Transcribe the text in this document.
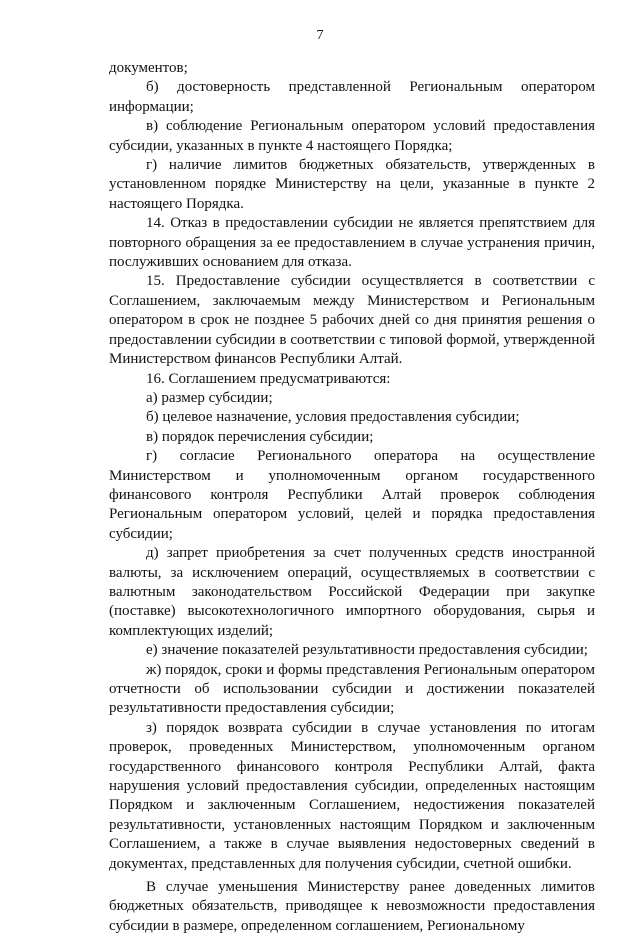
7

документов;

б) достоверность представленной Региональным оператором информации;

в) соблюдение Региональным оператором условий предоставления субсидии, указанных в пункте 4 настоящего Порядка;

г) наличие лимитов бюджетных обязательств, утвержденных в установленном порядке Министерству на цели, указанные в пункте 2 настоящего Порядка.

14. Отказ в предоставлении субсидии не является препятствием для повторного обращения за ее предоставлением в случае устранения причин, послуживших основанием для отказа.

15. Предоставление субсидии осуществляется в соответствии с Соглашением, заключаемым между Министерством и Региональным оператором в срок не позднее 5 рабочих дней со дня принятия решения о предоставлении субсидии в соответствии с типовой формой, утвержденной Министерством финансов Республики Алтай.

16. Соглашением предусматриваются:

а) размер субсидии;

б) целевое назначение, условия предоставления субсидии;

в) порядок перечисления субсидии;

г) согласие Регионального оператора на осуществление Министерством и уполномоченным органом государственного финансового контроля Республики Алтай проверок соблюдения Региональным оператором условий, целей и порядка предоставления субсидии;

д) запрет приобретения за счет полученных средств иностранной валюты, за исключением операций, осуществляемых в соответствии с валютным законодательством Российской Федерации при закупке (поставке) высокотехнологичного импортного оборудования, сырья и комплектующих изделий;

е) значение показателей результативности предоставления субсидии;

ж) порядок, сроки и формы представления Региональным оператором отчетности об использовании субсидии и достижении показателей результативности предоставления субсидии;

з) порядок возврата субсидии в случае установления по итогам проверок, проведенных Министерством, уполномоченным органом государственного финансового контроля Республики Алтай, факта нарушения условий предоставления субсидии, определенных настоящим Порядком и заключенным Соглашением, недостижения показателей результативности, установленных настоящим Порядком и заключенным Соглашением, а также в случае выявления недостоверных сведений в документах, представленных для получения субсидии, счетной ошибки.

В случае уменьшения Министерству ранее доведенных лимитов бюджетных обязательств, приводящее к невозможности предоставления субсидии в размере, определенном соглашением, Региональному
